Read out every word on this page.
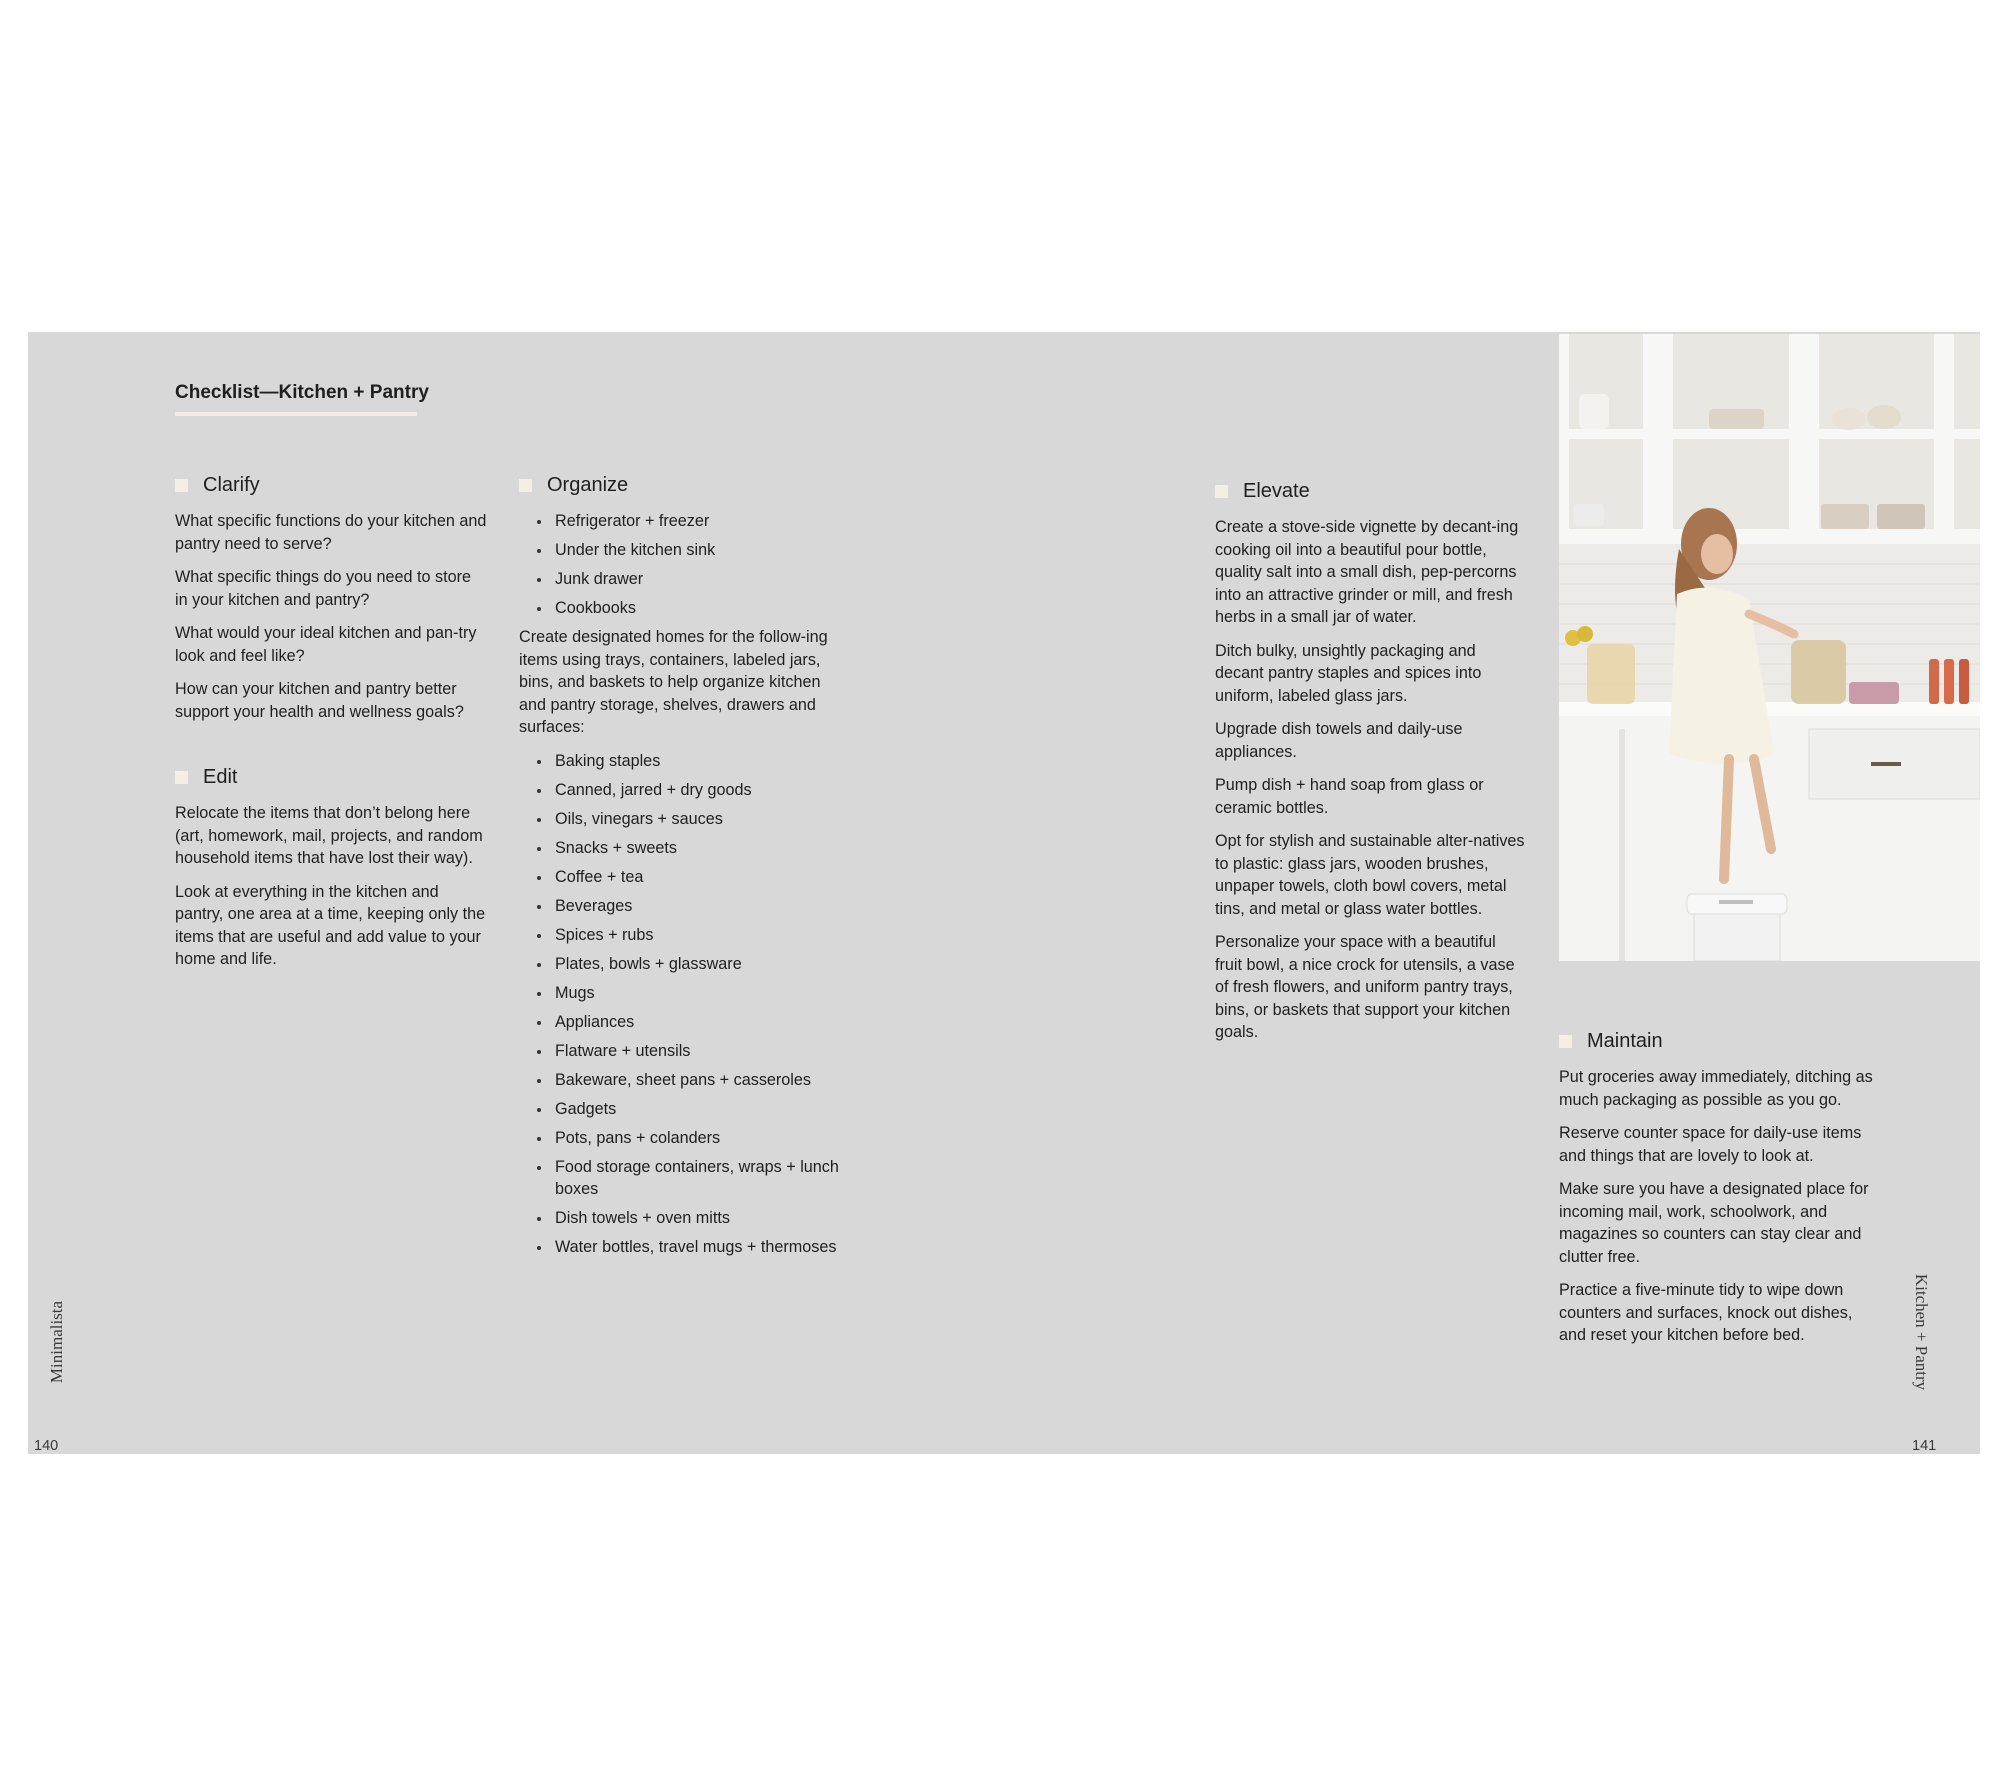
Checklist—Kitchen + Pantry
Clarify

What specific functions do your kitchen and pantry need to serve?

What specific things do you need to store in your kitchen and pantry?

What would your ideal kitchen and pan-try look and feel like?

How can your kitchen and pantry better support your health and wellness goals?

Edit

Relocate the items that don’t belong here (art, homework, mail, projects, and random household items that have lost their way).

Look at everything in the kitchen and pantry, one area at a time, keeping only the items that are useful and add value to your home and life.

Organize
Refrigerator + freezer
Under the kitchen sink
Junk drawer
Cookbooks

Create designated homes for the follow-ing items using trays, containers, labeled jars, bins, and baskets to help organize kitchen and pantry storage, shelves, drawers and surfaces:

Baking staples
Canned, jarred + dry goods
Oils, vinegars + sauces
Snacks + sweets
Coffee + tea
Beverages
Spices + rubs
Plates, bowls + glassware
Mugs
Appliances
Flatware + utensils
Bakeware, sheet pans + casseroles
Gadgets
Pots, pans + colanders
Food storage containers, wraps + lunch boxes
Dish towels + oven mitts
Water bottles, travel mugs + thermoses
Elevate

Create a stove-side vignette by decant-ing cooking oil into a beautiful pour bottle, quality salt into a small dish, pep-percorns into an attractive grinder or mill, and fresh herbs in a small jar of water.

Ditch bulky, unsightly packaging and decant pantry staples and spices into uniform, labeled glass jars.

Upgrade dish towels and daily-use appliances.

Pump dish + hand soap from glass or ceramic bottles.

Opt for stylish and sustainable alter-natives to plastic: glass jars, wooden brushes, unpaper towels, cloth bowl covers, metal tins, and metal or glass water bottles.

Personalize your space with a beautiful fruit bowl, a nice crock for utensils, a vase of fresh flowers, and uniform pantry trays, bins, or baskets that support your kitchen goals.	Maintain

Put groceries away immediately, ditching as much packaging as possible as you go.

Reserve counter space for daily-use items and things that are lovely to look at.

Make sure you have a designated place for incoming mail, work, schoolwork, and magazines so counters can stay clear and clutter free.

Practice a five-minute tidy to wipe down counters and surfaces, knock out dishes, and reset your kitchen before bed.

Minimalista	Kitchen + Pantry
140	141
